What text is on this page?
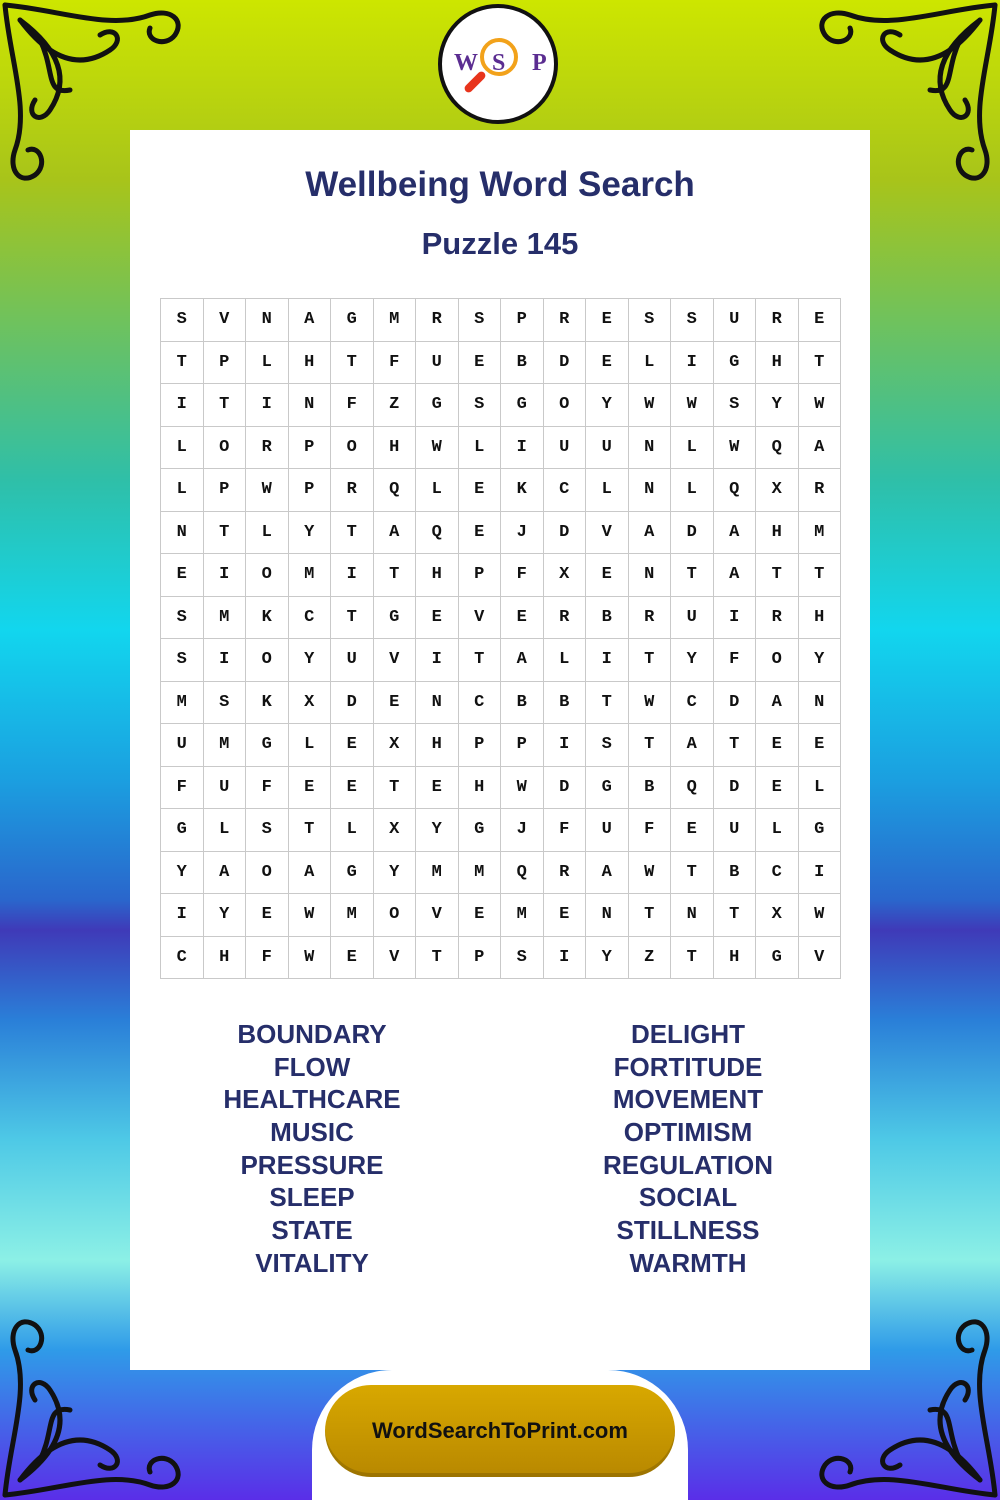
W S P
Wellbeing Word Search
Puzzle 145
S	V	N	A	G	M	R	S	P	R	E	S	S	U	R	E
T	P	L	H	T	F	U	E	B	D	E	L	I	G	H	T
I	T	I	N	F	Z	G	S	G	O	Y	W	W	S	Y	W
L	O	R	P	O	H	W	L	I	U	U	N	L	W	Q	A
L	P	W	P	R	Q	L	E	K	C	L	N	L	Q	X	R
N	T	L	Y	T	A	Q	E	J	D	V	A	D	A	H	M
E	I	O	M	I	T	H	P	F	X	E	N	T	A	T	T
S	M	K	C	T	G	E	V	E	R	B	R	U	I	R	H
S	I	O	Y	U	V	I	T	A	L	I	T	Y	F	O	Y
M	S	K	X	D	E	N	C	B	B	T	W	C	D	A	N
U	M	G	L	E	X	H	P	P	I	S	T	A	T	E	E
F	U	F	E	E	T	E	H	W	D	G	B	Q	D	E	L
G	L	S	T	L	X	Y	G	J	F	U	F	E	U	L	G
Y	A	O	A	G	Y	M	M	Q	R	A	W	T	B	C	I
I	Y	E	W	M	O	V	E	M	E	N	T	N	T	X	W
C	H	F	W	E	V	T	P	S	I	Y	Z	T	H	G	V
BOUNDARY
FLOW
HEALTHCARE
MUSIC
PRESSURE
SLEEP
STATE
VITALITY
DELIGHT
FORTITUDE
MOVEMENT
OPTIMISM
REGULATION
SOCIAL
STILLNESS
WARMTH
WordSearchToPrint.com
